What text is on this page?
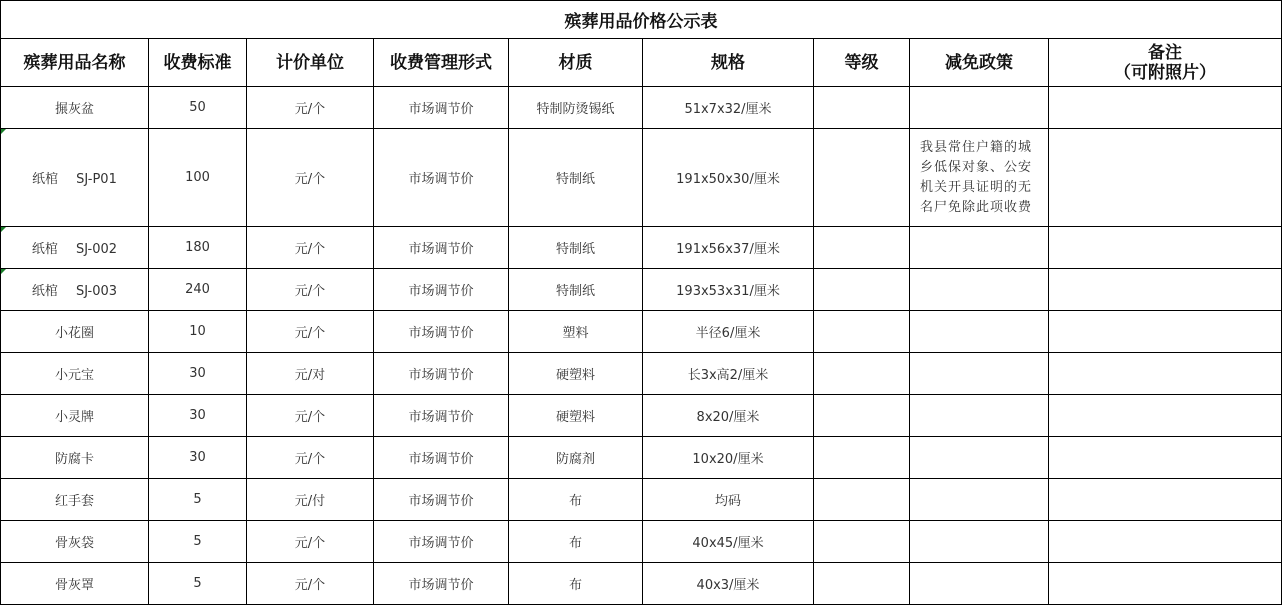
殡葬用品价格公示表								
殡葬用品名称	收费标准	计价单位	收费管理形式	材质	规格	等级	减免政策	备注
（可附照片）

搌灰盆	50	元/个	市场调节价	特制防烫锡纸	51x7x32/厘米			
纸棺 SJ-P01	100	元/个	市场调节价	特制纸	191x50x30/厘米		我县常住户籍的城乡低保对象、公安机关开具证明的无名尸免除此项收费	
纸棺 SJ-002	180	元/个	市场调节价	特制纸	191x56x37/厘米			
纸棺 SJ-003	240	元/个	市场调节价	特制纸	193x53x31/厘米			
小花圈	10	元/个	市场调节价	塑料	半径6/厘米			
小元宝	30	元/对	市场调节价	硬塑料	长3x高2/厘米			
小灵牌	30	元/个	市场调节价	硬塑料	8x20/厘米			
防腐卡	30	元/个	市场调节价	防腐剂	10x20/厘米			
红手套	5	元/付	市场调节价	布	均码			
骨灰袋	5	元/个	市场调节价	布	40x45/厘米			
骨灰罩	5	元/个	市场调节价	布	40x3/厘米			
